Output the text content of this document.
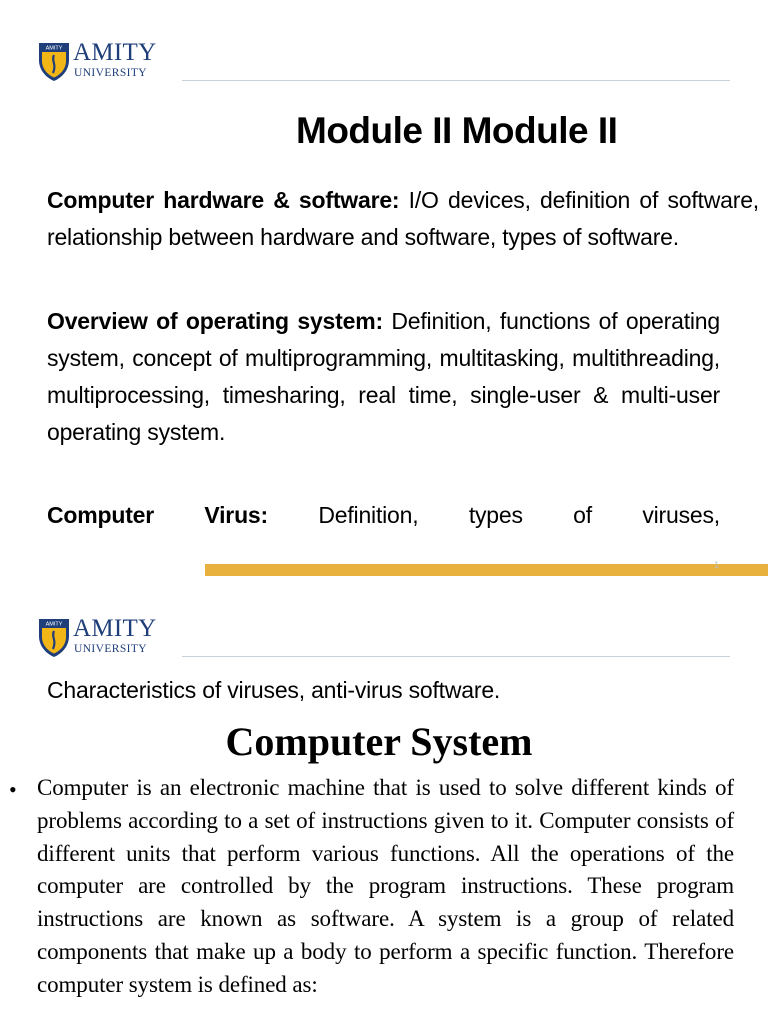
AMITY AMITY
UNIVERSITY
Module II Module II

Computer hardware & software: I/O devices, definition of software, relationship between hardware and software, types of software.

Overview of operating system: Definition, functions of operating system, concept of multiprogramming, multitasking, multithreading, multiprocessing, timesharing, real time, single-user & multi-user operating system.

Computer Virus: Definition, types of viruses,

1
AMITY AMITY
UNIVERSITY

Characteristics of viruses, anti-virus software.

Computer System
• Computer is an electronic machine that is used to solve different kinds of problems according to a set of instructions given to it. Computer consists of different units that perform various functions. All the operations of the computer are controlled by the program instructions. These program instructions are known as software. A system is a group of related components that make up a body to perform a specific function. Therefore computer system is defined as:
